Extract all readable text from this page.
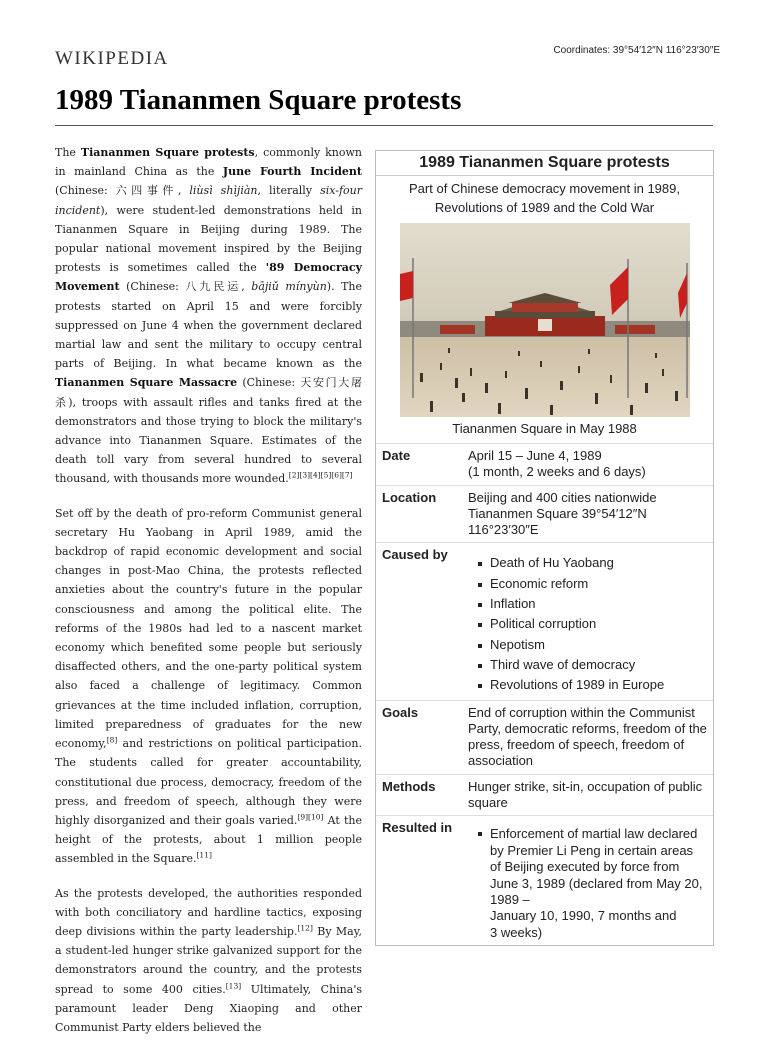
WIKIPEDIA	Coordinates: 39°54′12″N 116°23′30″E
1989 Tiananmen Square protests

The Tiananmen Square protests, commonly known in mainland China as the June Fourth Incident (Chinese: 六四事件, liùsì shìjiàn, literally six-four incident), were student-led demonstrations held in Tiananmen Square in Beijing during 1989. The popular national movement inspired by the Beijing protests is sometimes called the '89 Democracy Movement (Chinese: 八九民运, bājiǔ mínyùn). The protests started on April 15 and were forcibly suppressed on June 4 when the government declared martial law and sent the military to occupy central parts of Beijing. In what became known as the Tiananmen Square Massacre (Chinese: 天安门大屠杀), troops with assault rifles and tanks fired at the demonstrators and those trying to block the military's advance into Tiananmen Square. Estimates of the death toll vary from several hundred to several thousand, with thousands more wounded.[2][3][4][5][6][7]

Set off by the death of pro-reform Communist general secretary Hu Yaobang in April 1989, amid the backdrop of rapid economic development and social changes in post-Mao China, the protests reflected anxieties about the country's future in the popular consciousness and among the political elite. The reforms of the 1980s had led to a nascent market economy which benefited some people but seriously disaffected others, and the one-party political system also faced a challenge of legitimacy. Common grievances at the time included inflation, corruption, limited preparedness of graduates for the new economy,[8] and restrictions on political participation. The students called for greater accountability, constitutional due process, democracy, freedom of the press, and freedom of speech, although they were highly disorganized and their goals varied.[9][10] At the height of the protests, about 1 million people assembled in the Square.[11]

As the protests developed, the authorities responded with both conciliatory and hardline tactics, exposing deep divisions within the party leadership.[12] By May, a student-led hunger strike galvanized support for the demonstrators around the country, and the protests spread to some 400 cities.[13] Ultimately, China's paramount leader Deng Xiaoping and other Communist Party elders believed the

1989 Tiananmen Square protests
Part of Chinese democracy movement in 1989, Revolutions of 1989 and the Cold War
Tiananmen Square in May 1988
Date	April 15 – June 4, 1989
(1 month, 2 weeks and 6 days)
Location	Beijing and 400 cities nationwide
Tiananmen Square 39°54′12″N
116°23′30″E
Caused by
Death of Hu Yaobang
Economic reform
Inflation
Political corruption
Nepotism
Third wave of democracy
Revolutions of 1989 in Europe
Goals	End of corruption within the Communist Party, democratic reforms, freedom of the press, freedom of speech, freedom of association
Methods	Hunger strike, sit-in, occupation of public square
Resulted in	Enforcement of martial law declared by Premier Li Peng in certain areas of Beijing executed by force from June 3, 1989 (declared from May 20, 1989 –
January 10, 1990, 7 months and
3 weeks)
